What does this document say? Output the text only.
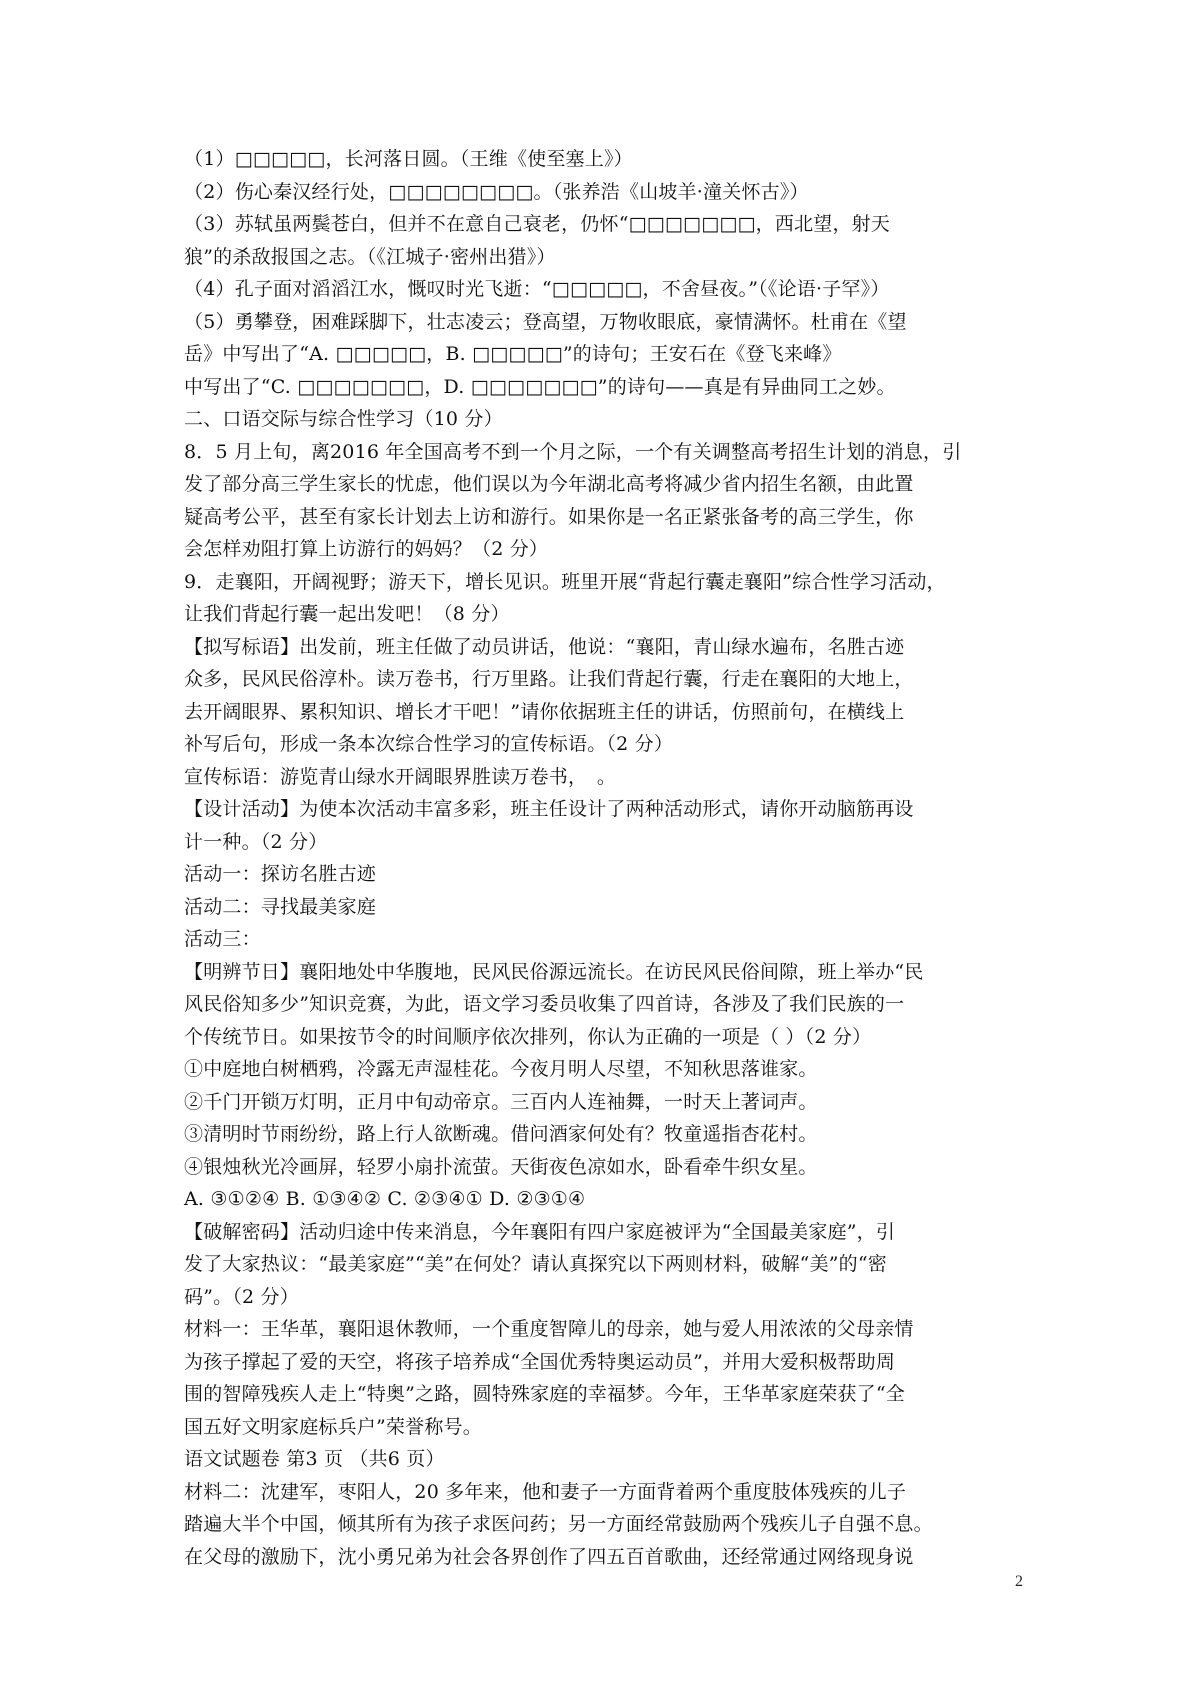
（1）□□□□□，长河落日圆。（王维《使至塞上》）
（2）伤心秦汉经行处，□□□□□□□□。（张养浩《山坡羊·潼关怀古》）
（3）苏轼虽两鬓苍白，但并不在意自己衰老，仍怀“□□□□□□□，西北望，射天
狼”的杀敌报国之志。（《江城子·密州出猎》）
（4）孔子面对滔滔江水，慨叹时光飞逝：“□□□□□，不舍昼夜。”（《论语·子罕》）
（5）勇攀登，困难踩脚下，壮志凌云；登高望，万物收眼底，豪情满怀。杜甫在《望
岳》中写出了“A. □□□□□，B. □□□□□”的诗句；王安石在《登飞来峰》
中写出了“C. □□□□□□□，D. □□□□□□□”的诗句——真是有异曲同工之妙。
二、口语交际与综合性学习（10 分）
8．5 月上旬，离2016 年全国高考不到一个月之际，一个有关调整高考招生计划的消息，引
发了部分高三学生家长的忧虑，他们误以为今年湖北高考将减少省内招生名额，由此置
疑高考公平，甚至有家长计划去上访和游行。如果你是一名正紧张备考的高三学生，你
会怎样劝阻打算上访游行的妈妈？（2 分）
9．走襄阳，开阔视野；游天下，增长见识。班里开展“背起行囊走襄阳”综合性学习活动，
让我们背起行囊一起出发吧！（8 分）
【拟写标语】出发前，班主任做了动员讲话，他说：“襄阳，青山绿水遍布，名胜古迹
众多，民风民俗淳朴。读万卷书，行万里路。让我们背起行囊，行走在襄阳的大地上，
去开阔眼界、累积知识、增长才干吧！”请你依据班主任的讲话，仿照前句，在横线上
补写后句，形成一条本次综合性学习的宣传标语。（2 分）
宣传标语：游览青山绿水开阔眼界胜读万卷书，　。
【设计活动】为使本次活动丰富多彩，班主任设计了两种活动形式，请你开动脑筋再设
计一种。（2 分）
活动一：探访名胜古迹
活动二：寻找最美家庭
活动三：
【明辨节日】襄阳地处中华腹地，民风民俗源远流长。在访民风民俗间隙，班上举办“民
风民俗知多少”知识竞赛，为此，语文学习委员收集了四首诗，各涉及了我们民族的一
个传统节日。如果按节令的时间顺序依次排列，你认为正确的一项是（ ）（2 分）
①中庭地白树栖鸦，冷露无声湿桂花。今夜月明人尽望，不知秋思落谁家。
②千门开锁万灯明，正月中旬动帝京。三百内人连袖舞，一时天上著词声。
③清明时节雨纷纷，路上行人欲断魂。借问酒家何处有？牧童遥指杏花村。
④银烛秋光冷画屏，轻罗小扇扑流萤。天街夜色凉如水，卧看牵牛织女星。
A. ③①②④ B. ①③④② C. ②③④① D. ②③①④
【破解密码】活动归途中传来消息，今年襄阳有四户家庭被评为“全国最美家庭”，引
发了大家热议：“最美家庭”“美”在何处？请认真探究以下两则材料，破解“美”的“密
码”。（2 分）
材料一：王华革，襄阳退休教师，一个重度智障儿的母亲，她与爱人用浓浓的父母亲情
为孩子撑起了爱的天空，将孩子培养成“全国优秀特奥运动员”，并用大爱积极帮助周
围的智障残疾人走上“特奥”之路，圆特殊家庭的幸福梦。今年，王华革家庭荣获了“全
国五好文明家庭标兵户”荣誉称号。
语文试题卷 第3 页 （共6 页）
材料二：沈建军，枣阳人，20 多年来，他和妻子一方面背着两个重度肢体残疾的儿子
踏遍大半个中国，倾其所有为孩子求医问药；另一方面经常鼓励两个残疾儿子自强不息。
在父母的激励下，沈小勇兄弟为社会各界创作了四五百首歌曲，还经常通过网络现身说
2
